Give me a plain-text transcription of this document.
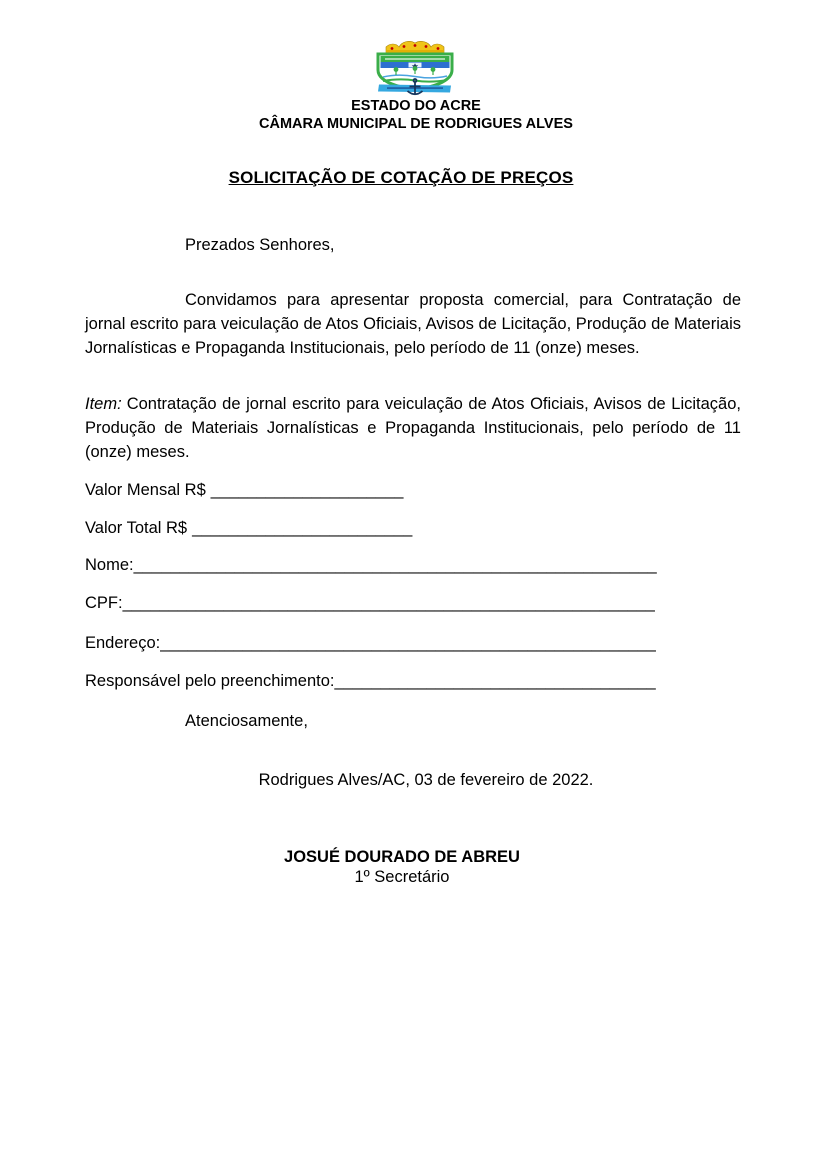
ESTADO DO ACRE
CÂMARA MUNICIPAL DE RODRIGUES ALVES
SOLICITAÇÃO DE COTAÇÃO DE PREÇOS
Prezados Senhores,
Convidamos para apresentar proposta comercial, para Contratação de jornal escrito para veiculação de Atos Oficiais, Avisos de Licitação, Produção de Materiais Jornalísticas e Propaganda Institucionais, pelo período de 11 (onze) meses.
Item: Contratação de jornal escrito para veiculação de Atos Oficiais, Avisos de Licitação, Produção de Materiais Jornalísticas e Propaganda Institucionais, pelo período de 11 (onze) meses.
Valor Mensal R$ _____________________
Valor Total R$ ________________________
Nome:_________________________________________________________
CPF:__________________________________________________________
Endereço:______________________________________________________
Responsável pelo preenchimento:___________________________________
Atenciosamente,
Rodrigues Alves/AC, 03 de fevereiro de 2022.
JOSUÉ DOURADO DE ABREU
1º Secretário
